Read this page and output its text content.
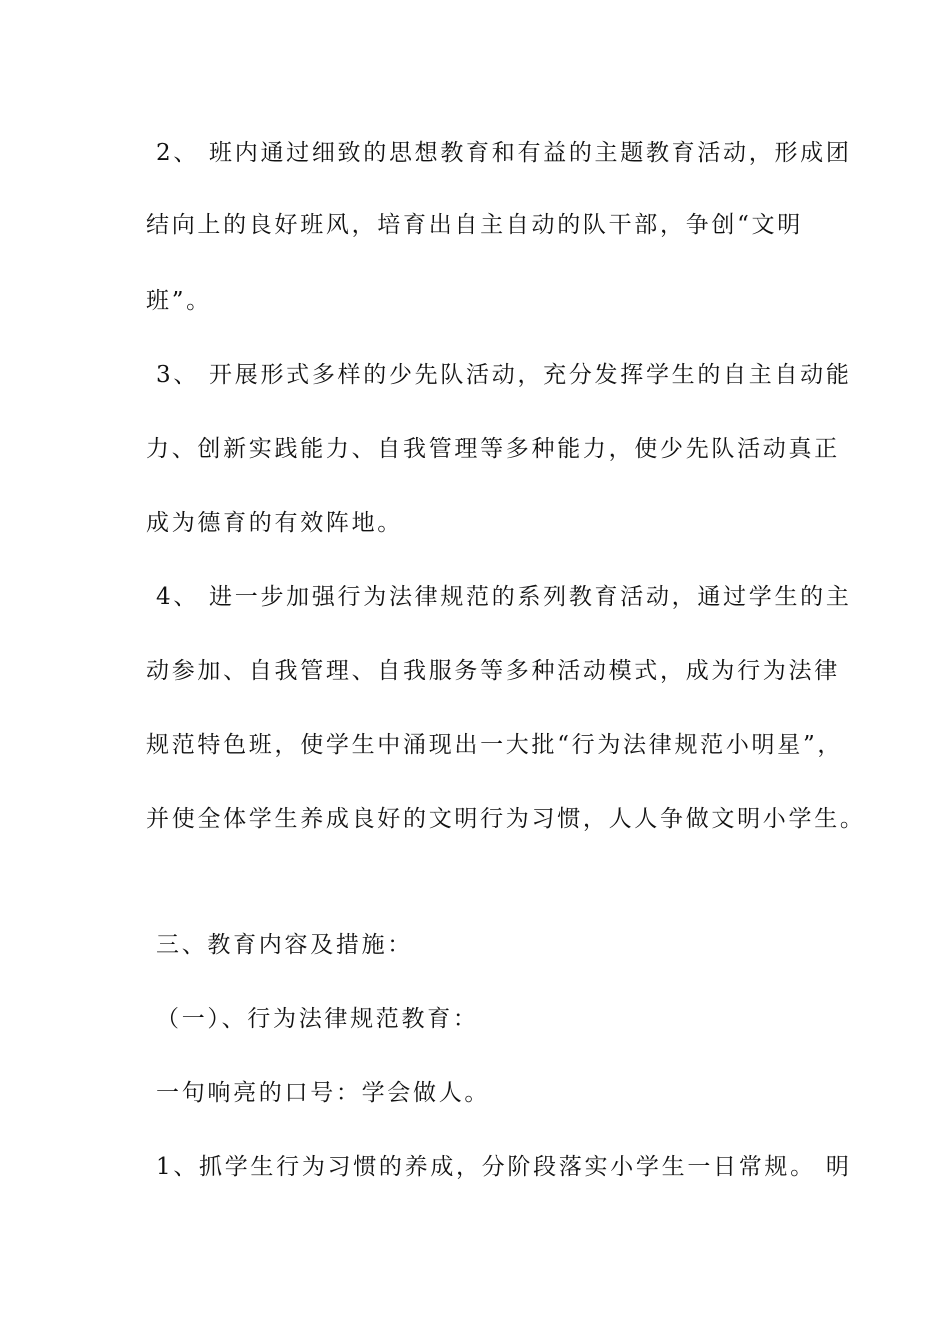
2、 班内通过细致的思想教育和有益的主题教育活动，形成团
结向上的良好班风，培育出自主自动的队干部，争创“文明
班”。
3、 开展形式多样的少先队活动，充分发挥学生的自主自动能
力、创新实践能力、自我管理等多种能力，使少先队活动真正
成为德育的有效阵地。
4、 进一步加强行为法律规范的系列教育活动，通过学生的主
动参加、自我管理、自我服务等多种活动模式，成为行为法律
规范特色班，使学生中涌现出一大批“行为法律规范小明星”，
并使全体学生养成良好的文明行为习惯，人人争做文明小学生。
三、教育内容及措施：
（一）、行为法律规范教育：
一句响亮的口号：学会做人。
1、抓学生行为习惯的养成，分阶段落实小学生一日常规。 明
